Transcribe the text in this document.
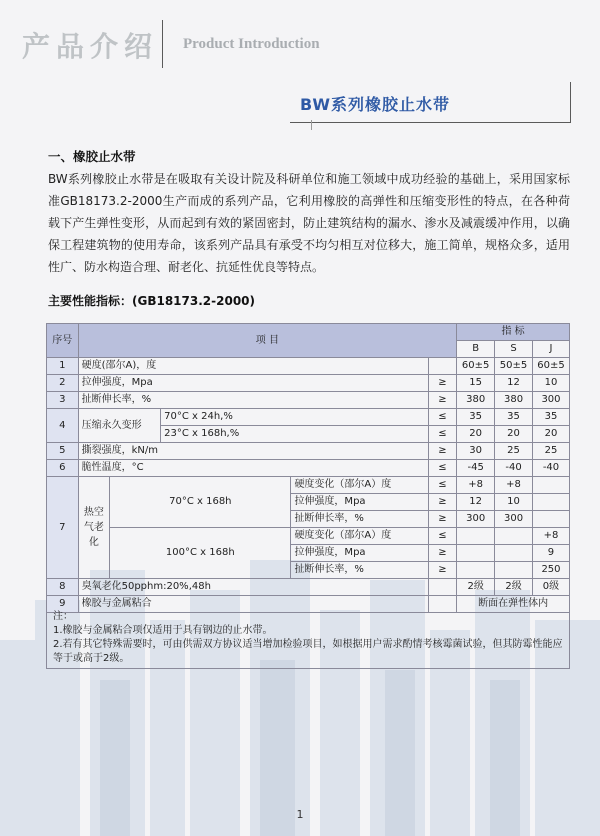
产品介绍 Product Introduction
BW系列橡胶止水带
一、橡胶止水带
BW系列橡胶止水带是在吸取有关设计院及科研单位和施工领域中成功经验的基础上，采用国家标准GB18173.2-2000生产而成的系列产品，它利用橡胶的高弹性和压缩变形性的特点，在各种荷载下产生弹性变形，从而起到有效的紧固密封，防止建筑结构的漏水、渗水及减震缓冲作用，以确保工程建筑物的使用寿命，该系列产品具有承受不均匀相互对位移大，施工简单，规格众多，适用性广、防水构造合理、耐老化、抗延性优良等特点。
主要性能指标：(GB18173.2-2000)
序号	项 目					指 标		
						B	S	J
1	硬度(邵尔A)，度					60±5	50±5	60±5
2	拉伸强度，Mpa				≥	15	12	10
3	扯断伸长率，%				≥	380	380	300
4	压缩永久变形		70°C x 24h,%		≤	35	35	35
			23°C x 168h,%		≤	20	20	20
5	撕裂强度，kN/m				≥	30	25	25
6	脆性温度，°C				≤	-45	-40	-40
7	热空气老化	70°C x 168h		硬度变化（邵尔A）度	≤	+8	+8	
				拉伸强度，Mpa	≥	12	10	
				扯断伸长率，%	≥	300	300	
		100°C x 168h		硬度变化（邵尔A）度	≤			+8
				拉伸强度，Mpa	≥			9
				扯断伸长率，%	≥			250
8	臭氧老化50pphm:20%,48h					2级	2级	0级
9	橡胶与金属粘合					断面在弹性体内		
注：
1.橡胶与金属粘合项仅适用于具有钢边的止水带。
2.若有其它特殊需要时，可由供需双方协议适当增加检验项目，如根据用户需求酌情考核霉菌试验，但其防霉性能应等于或高于2级。
1
